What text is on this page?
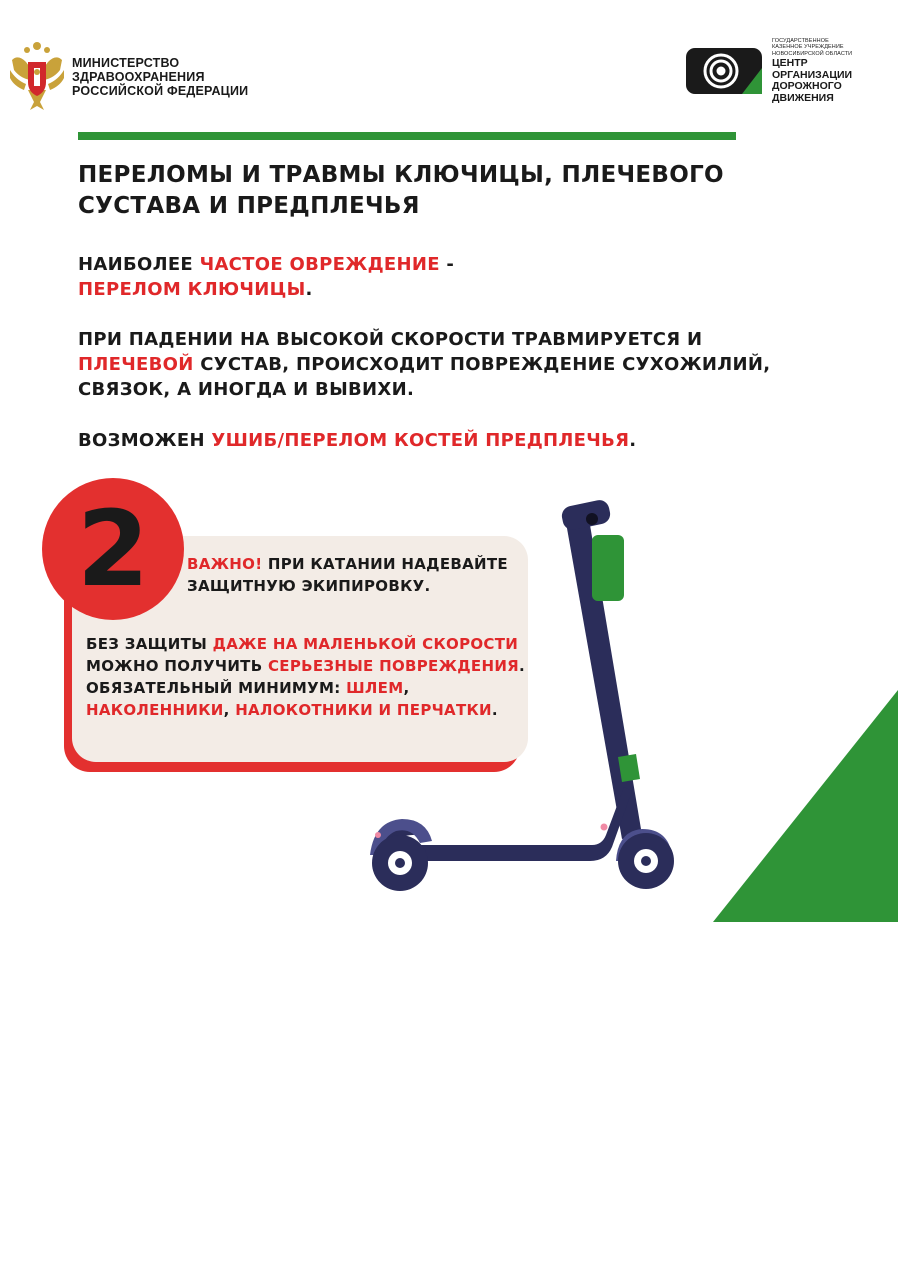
МИНИСТЕРСТВО
ЗДРАВООХРАНЕНИЯ
РОССИЙСКОЙ ФЕДЕРАЦИИ
ГОСУДАРСТВЕННОЕ
КАЗЕННОЕ УЧРЕЖДЕНИЕ
НОВОСИБИРСКОЙ ОБЛАСТИ
ЦЕНТР
ОРГАНИЗАЦИИ
ДОРОЖНОГО
ДВИЖЕНИЯ
ПЕРЕЛОМЫ И ТРАВМЫ КЛЮЧИЦЫ, ПЛЕЧЕВОГО
СУСТАВА И ПРЕДПЛЕЧЬЯ
НАИБОЛЕЕ ЧАСТОЕ ОВРЕЖДЕНИЕ -
ПЕРЕЛОМ КЛЮЧИЦЫ.
ПРИ ПАДЕНИИ НА ВЫСОКОЙ СКОРОСТИ ТРАВМИРУЕТСЯ И ПЛЕЧЕВОЙ СУСТАВ, ПРОИСХОДИТ ПОВРЕЖДЕНИЕ СУХОЖИЛИЙ, СВЯЗОК, А ИНОГДА И ВЫВИХИ.
ВОЗМОЖЕН УШИБ/ПЕРЕЛОМ КОСТЕЙ ПРЕДПЛЕЧЬЯ.
2	ВАЖНО! ПРИ КАТАНИИ НАДЕВАЙТЕ ЗАЩИТНУЮ ЭКИПИРОВКУ.
БЕЗ ЗАЩИТЫ ДАЖЕ НА МАЛЕНЬКОЙ СКОРОСТИ МОЖНО ПОЛУЧИТЬ СЕРЬЕЗНЫЕ ПОВРЕЖДЕНИЯ. ОБЯЗАТЕЛЬНЫЙ МИНИМУМ: ШЛЕМ, НАКОЛЕННИКИ, НАЛОКОТНИКИ И ПЕРЧАТКИ.
